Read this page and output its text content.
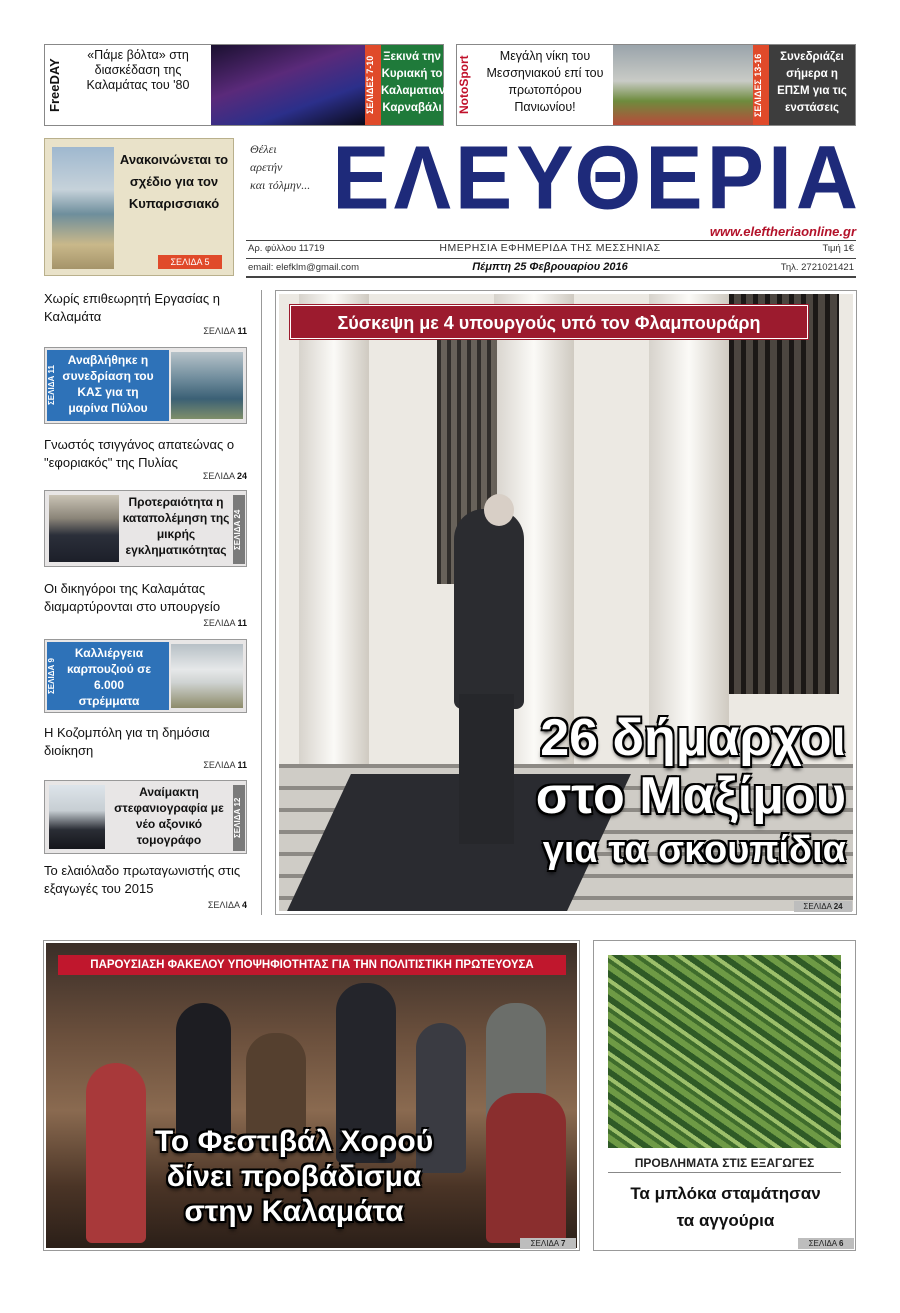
FreeDAY
«Πάμε βόλτα» στη διασκέδαση της Καλαμάτας του '80	ΣΕΛΙΔΕΣ 7-10 Ξεκινά την Κυριακή το Καλαματιανό Καρναβάλι NotoSport	Μεγάλη νίκη του Μεσσηνιακού επί του πρωτοπόρου Πανιωνίου!	ΣΕΛΙΔΕΣ 13-16	Συνεδριάζει σήμερα η ΕΠΣΜ για τις ενστάσεις
Ανακοινώνεται το σχέδιο για τον Κυπαρισσιακό
ΣΕΛΙΔΑ 5
Θέλει
αρετήν
και τόλμην... ΕΛΕΥΘΕΡΙΑ
www.eleftheriaonline.gr
Αρ. φύλλου 11719	ΗΜΕΡΗΣΙΑ ΕΦΗΜΕΡΙΔΑ ΤΗΣ ΜΕΣΣΗΝΙΑΣ	Τιμή 1€
email: elefklm@gmail.com	Πέμπτη 25 Φεβρουαρίου 2016	Τηλ. 2721021421
Χωρίς επιθεωρητή Εργασίας η Καλαμάτα
ΣΕΛΙΔΑ 11
Αναβλήθηκε η συνεδρίαση του ΚΑΣ για τη μαρίνα Πύλου
ΣΕΛΙΔΑ 11
Γνωστός τσιγγάνος απατεώνας ο "εφοριακός" της Πυλίας
ΣΕΛΙΔΑ 24
Προτεραιότητα η καταπολέμηση της μικρής εγκληματικότητας
ΣΕΛΙΔΑ 24
Οι δικηγόροι της Καλαμάτας διαμαρτύρονται στο υπουργείο
ΣΕΛΙΔΑ 11
Καλλιέργεια καρπουζιού σε 6.000 στρέμματα
ΣΕΛΙΔΑ 9
Η Κοζομπόλη για τη δημόσια διοίκηση
ΣΕΛΙΔΑ 11
Αναίμακτη στεφανιογραφία με νέο αξονικό τομογράφο
ΣΕΛΙΔΑ 12
Το ελαιόλαδο πρωταγωνιστής στις εξαγωγές του 2015
ΣΕΛΙΔΑ 4
Σύσκεψη με 4 υπουργούς υπό τον Φλαμπουράρη
26 δήμαρχοι
στο Μαξίμου
για τα σκουπίδια
ΣΕΛΙΔΑ 24
ΠΑΡΟΥΣΙΑΣΗ ΦΑΚΕΛΟΥ ΥΠΟΨΗΦΙΟΤΗΤΑΣ ΓΙΑ ΤΗΝ ΠΟΛΙΤΙΣΤΙΚΗ ΠΡΩΤΕΥΟΥΣΑ
Το Φεστιβάλ Χορού
δίνει προβάδισμα
στην Καλαμάτα
ΣΕΛΙΔΑ 7
ΠΡΟΒΛΗΜΑΤΑ ΣΤΙΣ ΕΞΑΓΩΓΕΣ
Τα μπλόκα σταμάτησαν
τα αγγούρια
ΣΕΛΙΔΑ 6
